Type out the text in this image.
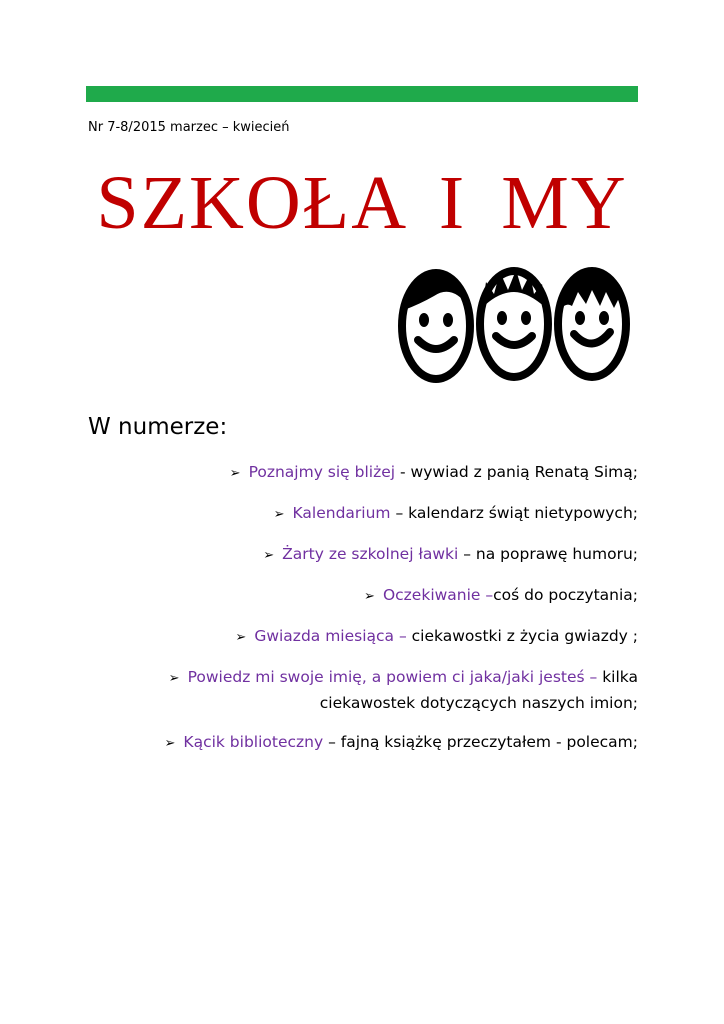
Nr 7-8/2015 marzec – kwiecień
SZKOŁA I MY
W numerze:
➢ Poznajmy się bliżej - wywiad z panią Renatą Simą;
➢ Kalendarium – kalendarz świąt nietypowych;
➢ Żarty ze szkolnej ławki – na poprawę humoru;
➢ Oczekiwanie –coś do poczytania;
➢ Gwiazda miesiąca – ciekawostki z życia gwiazdy ;
➢ Powiedz mi swoje imię, a powiem ci jaka/jaki jesteś – kilka ciekawostek dotyczących naszych imion;
➢ Kącik biblioteczny – fajną książkę przeczytałem - polecam;
